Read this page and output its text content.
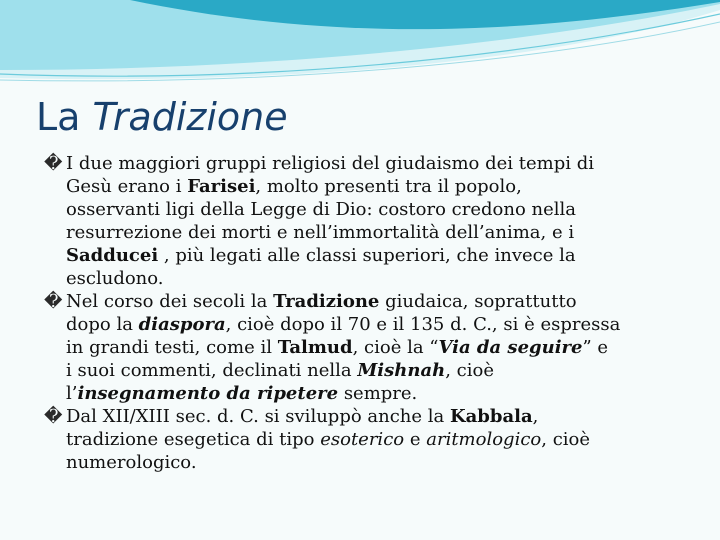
La Tradizione
� I due maggiori gruppi religiosi del giudaismo dei tempi di
Gesù erano i Farisei, molto presenti tra il popolo,
osservanti ligi della Legge di Dio: costoro credono nella
resurrezione dei morti e nell’immortalità dell’anima, e i
Sadducei , più legati alle classi superiori, che invece la
escludono.
� Nel corso dei secoli la Tradizione giudaica, soprattutto
dopo la diaspora, cioè dopo il 70 e il 135 d. C., si è espressa
in grandi testi, come il Talmud, cioè la “Via da seguire” e
i suoi commenti, declinati nella Mishnah, cioè
l’insegnamento da ripetere sempre.
� Dal XII/XIII sec. d. C. si sviluppò anche la Kabbala,
tradizione esegetica di tipo esoterico e aritmologico, cioè
numerologico.
